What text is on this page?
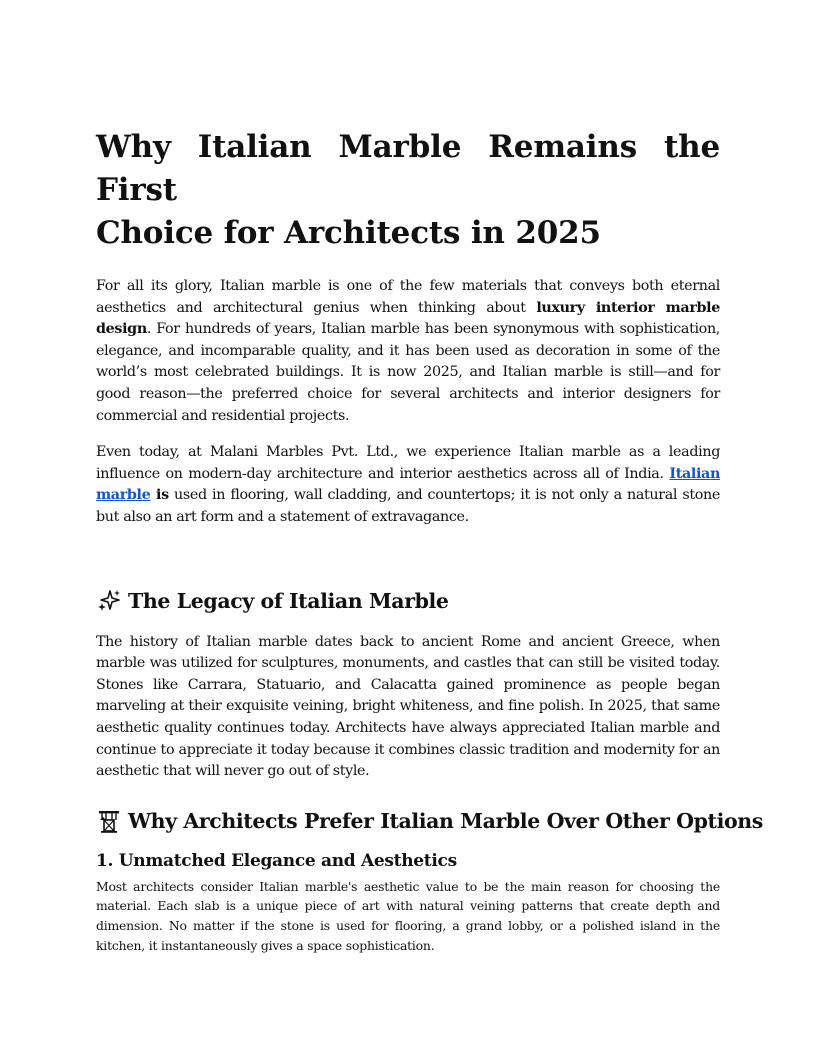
Why Italian Marble Remains the First
Choice for Architects in 2025

For all its glory, Italian marble is one of the few materials that conveys both eternal aesthetics and architectural genius when thinking about luxury interior marble design. For hundreds of years, Italian marble has been synonymous with sophistication, elegance, and incomparable quality, and it has been used as decoration in some of the world’s most celebrated buildings. It is now 2025, and Italian marble is still—and for good reason—the preferred choice for several architects and interior designers for commercial and residential projects.

Even today, at Malani Marbles Pvt. Ltd., we experience Italian marble as a leading influence on modern-day architecture and interior aesthetics across all of India. Italian marble is used in flooring, wall cladding, and countertops; it is not only a natural stone but also an art form and a statement of extravagance.

The Legacy of Italian Marble

The history of Italian marble dates back to ancient Rome and ancient Greece, when marble was utilized for sculptures, monuments, and castles that can still be visited today. Stones like Carrara, Statuario, and Calacatta gained prominence as people began marveling at their exquisite veining, bright whiteness, and fine polish. In 2025, that same aesthetic quality continues today. Architects have always appreciated Italian marble and continue to appreciate it today because it combines classic tradition and modernity for an aesthetic that will never go out of style.

Why Architects Prefer Italian Marble Over Other Options
1. Unmatched Elegance and Aesthetics

Most architects consider Italian marble's aesthetic value to be the main reason for choosing the material. Each slab is a unique piece of art with natural veining patterns that create depth and dimension. No matter if the stone is used for flooring, a grand lobby, or a polished island in the kitchen, it instantaneously gives a space sophistication.
